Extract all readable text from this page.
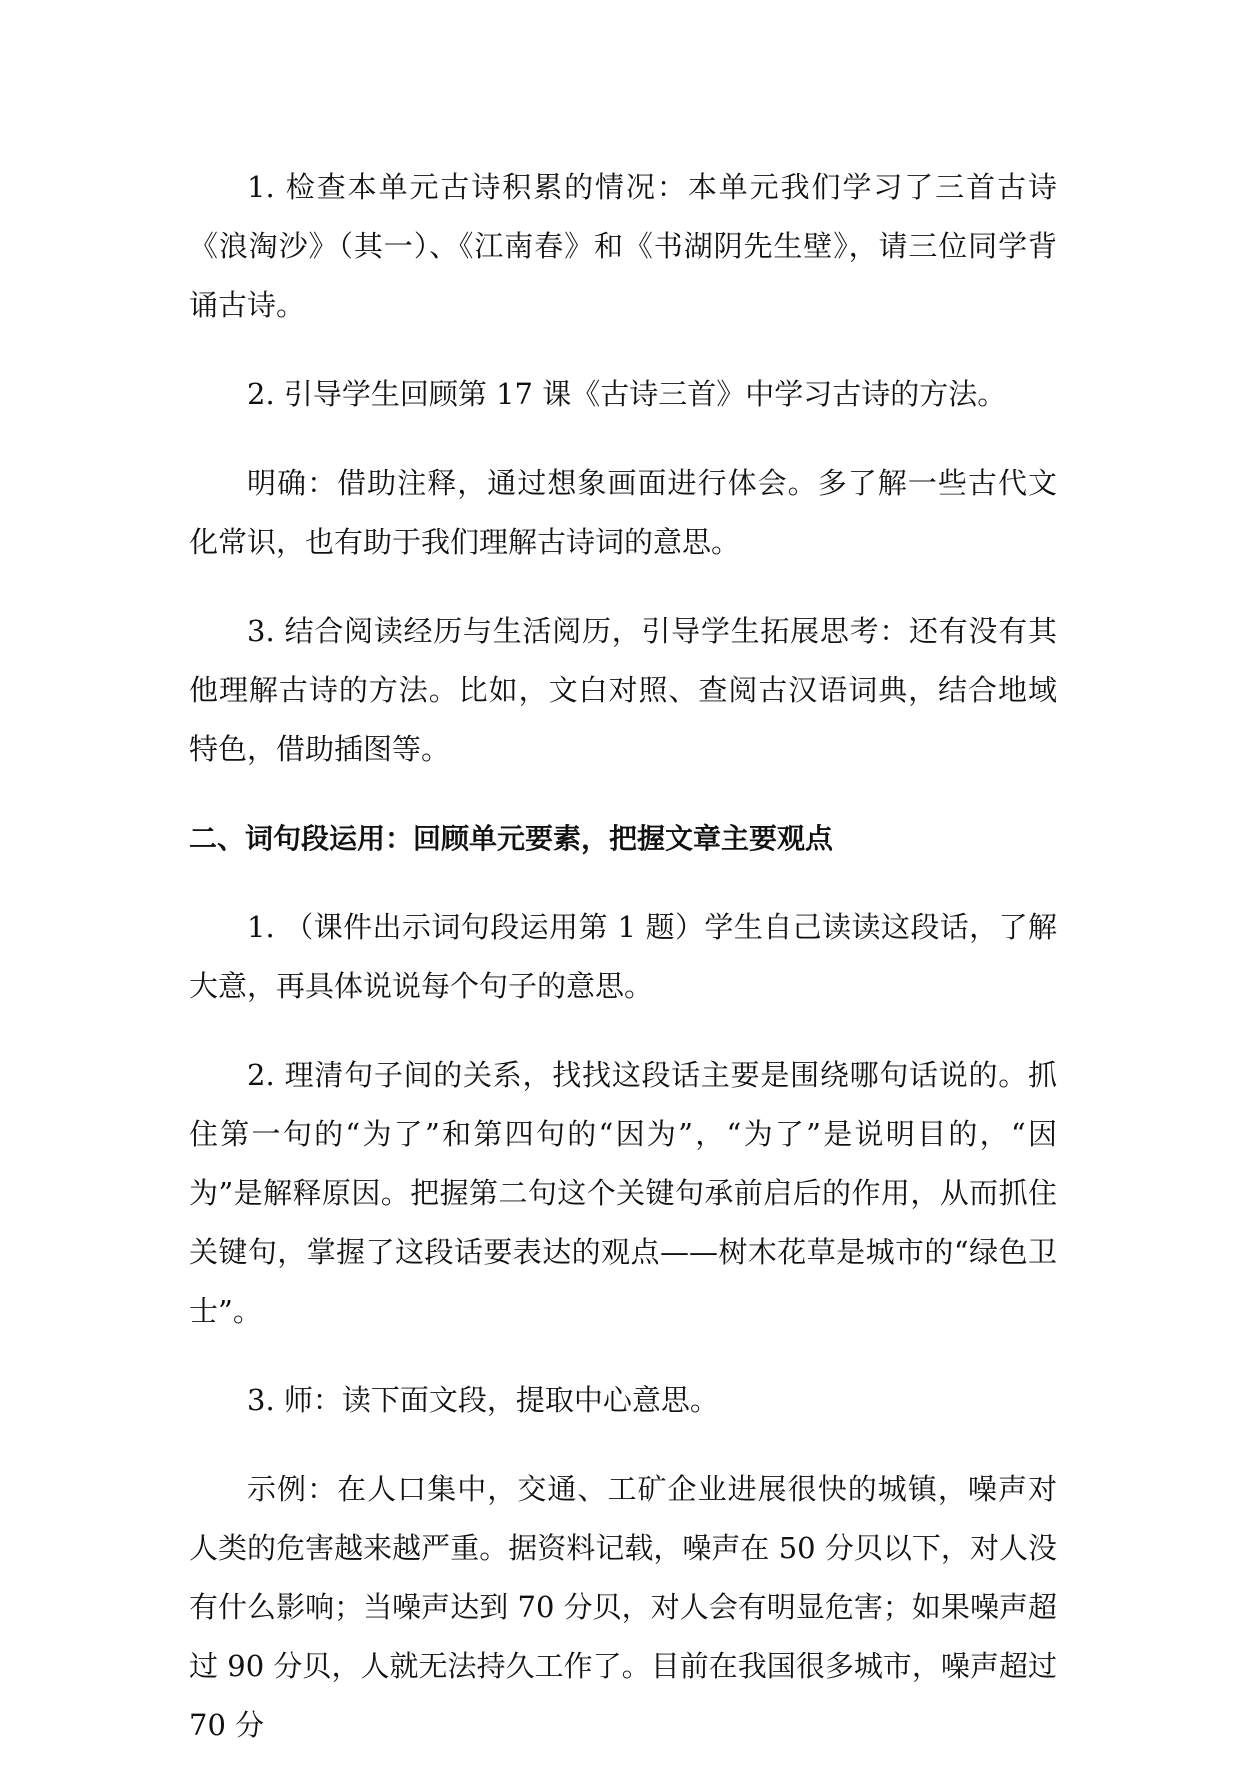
1. 检查本单元古诗积累的情况：本单元我们学习了三首古诗《浪淘沙》（其一）、《江南春》和《书湖阴先生壁》，请三位同学背诵古诗。

2. 引导学生回顾第 17 课《古诗三首》中学习古诗的方法。

明确：借助注释，通过想象画面进行体会。多了解一些古代文化常识，也有助于我们理解古诗词的意思。

3. 结合阅读经历与生活阅历，引导学生拓展思考：还有没有其他理解古诗的方法。比如，文白对照、查阅古汉语词典，结合地域特色，借助插图等。

二、词句段运用：回顾单元要素，把握文章主要观点

1. （课件出示词句段运用第 1 题）学生自己读读这段话，了解大意，再具体说说每个句子的意思。

2. 理清句子间的关系，找找这段话主要是围绕哪句话说的。抓住第一句的“为了”和第四句的“因为”，“为了”是说明目的，“因为”是解释原因。把握第二句这个关键句承前启后的作用，从而抓住关键句，掌握了这段话要表达的观点——树木花草是城市的“绿色卫士”。

3. 师：读下面文段，提取中心意思。

示例：在人口集中，交通、工矿企业进展很快的城镇，噪声对人类的危害越来越严重。据资料记载，噪声在 50 分贝以下，对人没有什么影响；当噪声达到 70 分贝，对人会有明显危害；如果噪声超过 90 分贝，人就无法持久工作了。目前在我国很多城市，噪声超过 70 分
